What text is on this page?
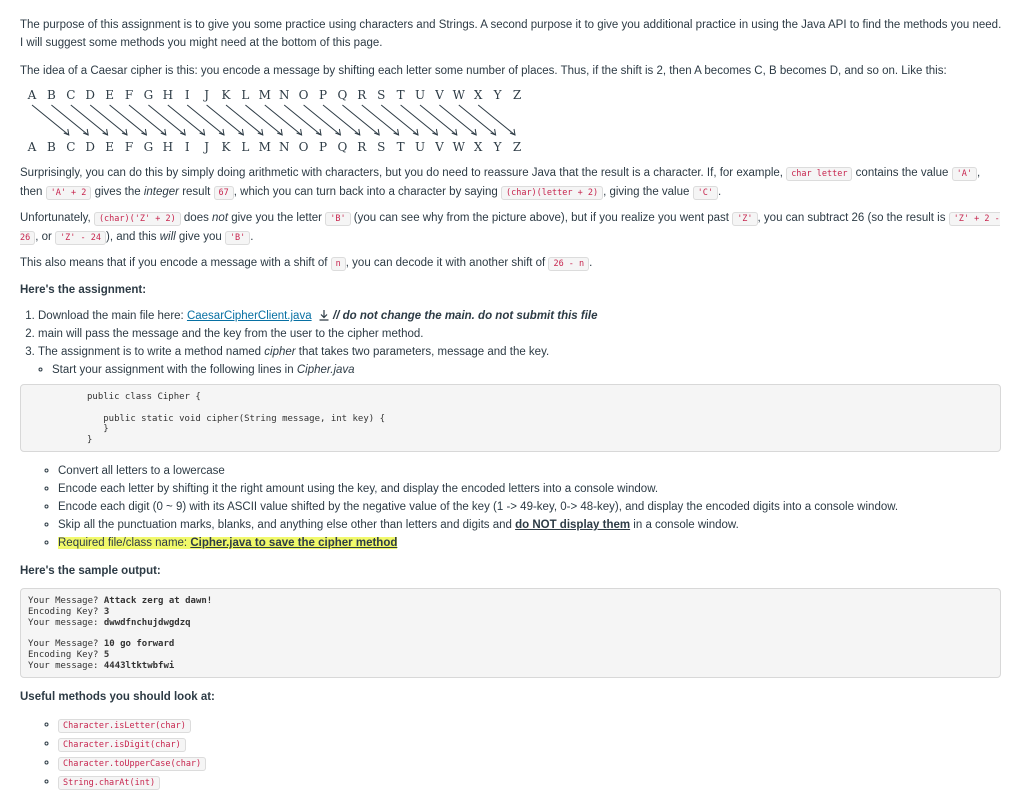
The purpose of this assignment is to give you some practice using characters and Strings. A second purpose it to give you additional practice in using the Java API to find the methods you need. I will suggest some methods you might need at the bottom of this page.

The idea of a Caesar cipher is this: you encode a message by shifting each letter some number of places. Thus, if the shift is 2, then A becomes C, B becomes D, and so on. Like this:

A B C D E F G H I J K L M N O P Q R S T U V W X Y Z
A B C D E F G H I J K L M N O P Q R S T U V W X Y Z

Surprisingly, you can do this by simply doing arithmetic with characters, but you do need to reassure Java that the result is a character. If, for example, char letter contains the value 'A' , then 'A' + 2 gives the integer result 67 , which you can turn back into a character by saying (char)(letter + 2) , giving the value 'C' .

Unfortunately, (char)('Z' + 2) does not give you the letter 'B' (you can see why from the picture above), but if you realize you went past 'Z' , you can subtract 26 (so the result is 'Z' + 2 - 26 , or 'Z' - 24 ), and this will give you 'B' .

This also means that if you encode a message with a shift of n , you can decode it with another shift of 26 - n .

Here's the assignment:

1. Download the main file here: CaesarCipherClient.java  // do not change the main. do not submit this file
2. main will pass the message and the key from the user to the cipher method.
3. The assignment is to write a method named cipher that takes two parameters, message and the key.
◦ Start your assignment with the following lines in Cipher.java
public class Cipher {

public static void cipher(String message, int key) {
}
}
◦ Convert all letters to a lowercase
◦ Encode each letter by shifting it the right amount using the key, and display the encoded letters into a console window.
◦ Encode each digit (0 ~ 9) with its ASCII value shifted by the negative value of the key (1 -> 49-key, 0-> 48-key), and display the encoded digits into a console window.
◦ Skip all the punctuation marks, blanks, and anything else other than letters and digits and do NOT display them in a console window.
◦ Required file/class name: Cipher.java to save the cipher method

Here's the sample output:

Your Message? Attack zerg at dawn!
Encoding Key? 3
Your message: dwwdfnchujdwgdzq
Your Message? 10 go forward
Encoding Key? 5
Your message: 4443ltktwbfwi

Useful methods you should look at:

◦ Character.isLetter(char)
◦ Character.isDigit(char)
◦ Character.toUpperCase(char)
◦ String.charAt(int)
